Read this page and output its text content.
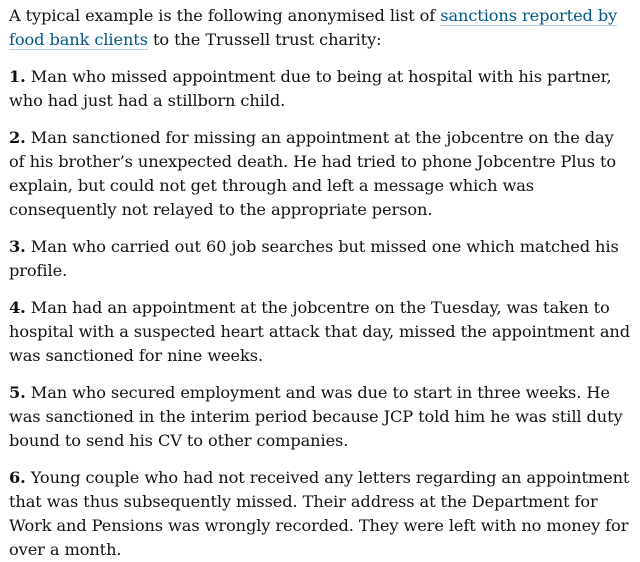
A typical example is the following anonymised list of sanctions reported by food bank clients to the Trussell trust charity:

1. Man who missed appointment due to being at hospital with his partner, who had just had a stillborn child.

2. Man sanctioned for missing an appointment at the jobcentre on the day of his brother’s unexpected death. He had tried to phone Jobcentre Plus to explain, but could not get through and left a message which was consequently not relayed to the appropriate person.

3. Man who carried out 60 job searches but missed one which matched his profile.

4. Man had an appointment at the jobcentre on the Tuesday, was taken to hospital with a suspected heart attack that day, missed the appointment and was sanctioned for nine weeks.

5. Man who secured employment and was due to start in three weeks. He was sanctioned in the interim period because JCP told him he was still duty bound to send his CV to other companies.

6. Young couple who had not received any letters regarding an appointment that was thus subsequently missed. Their address at the Department for Work and Pensions was wrongly recorded. They were left with no money for over a month.
